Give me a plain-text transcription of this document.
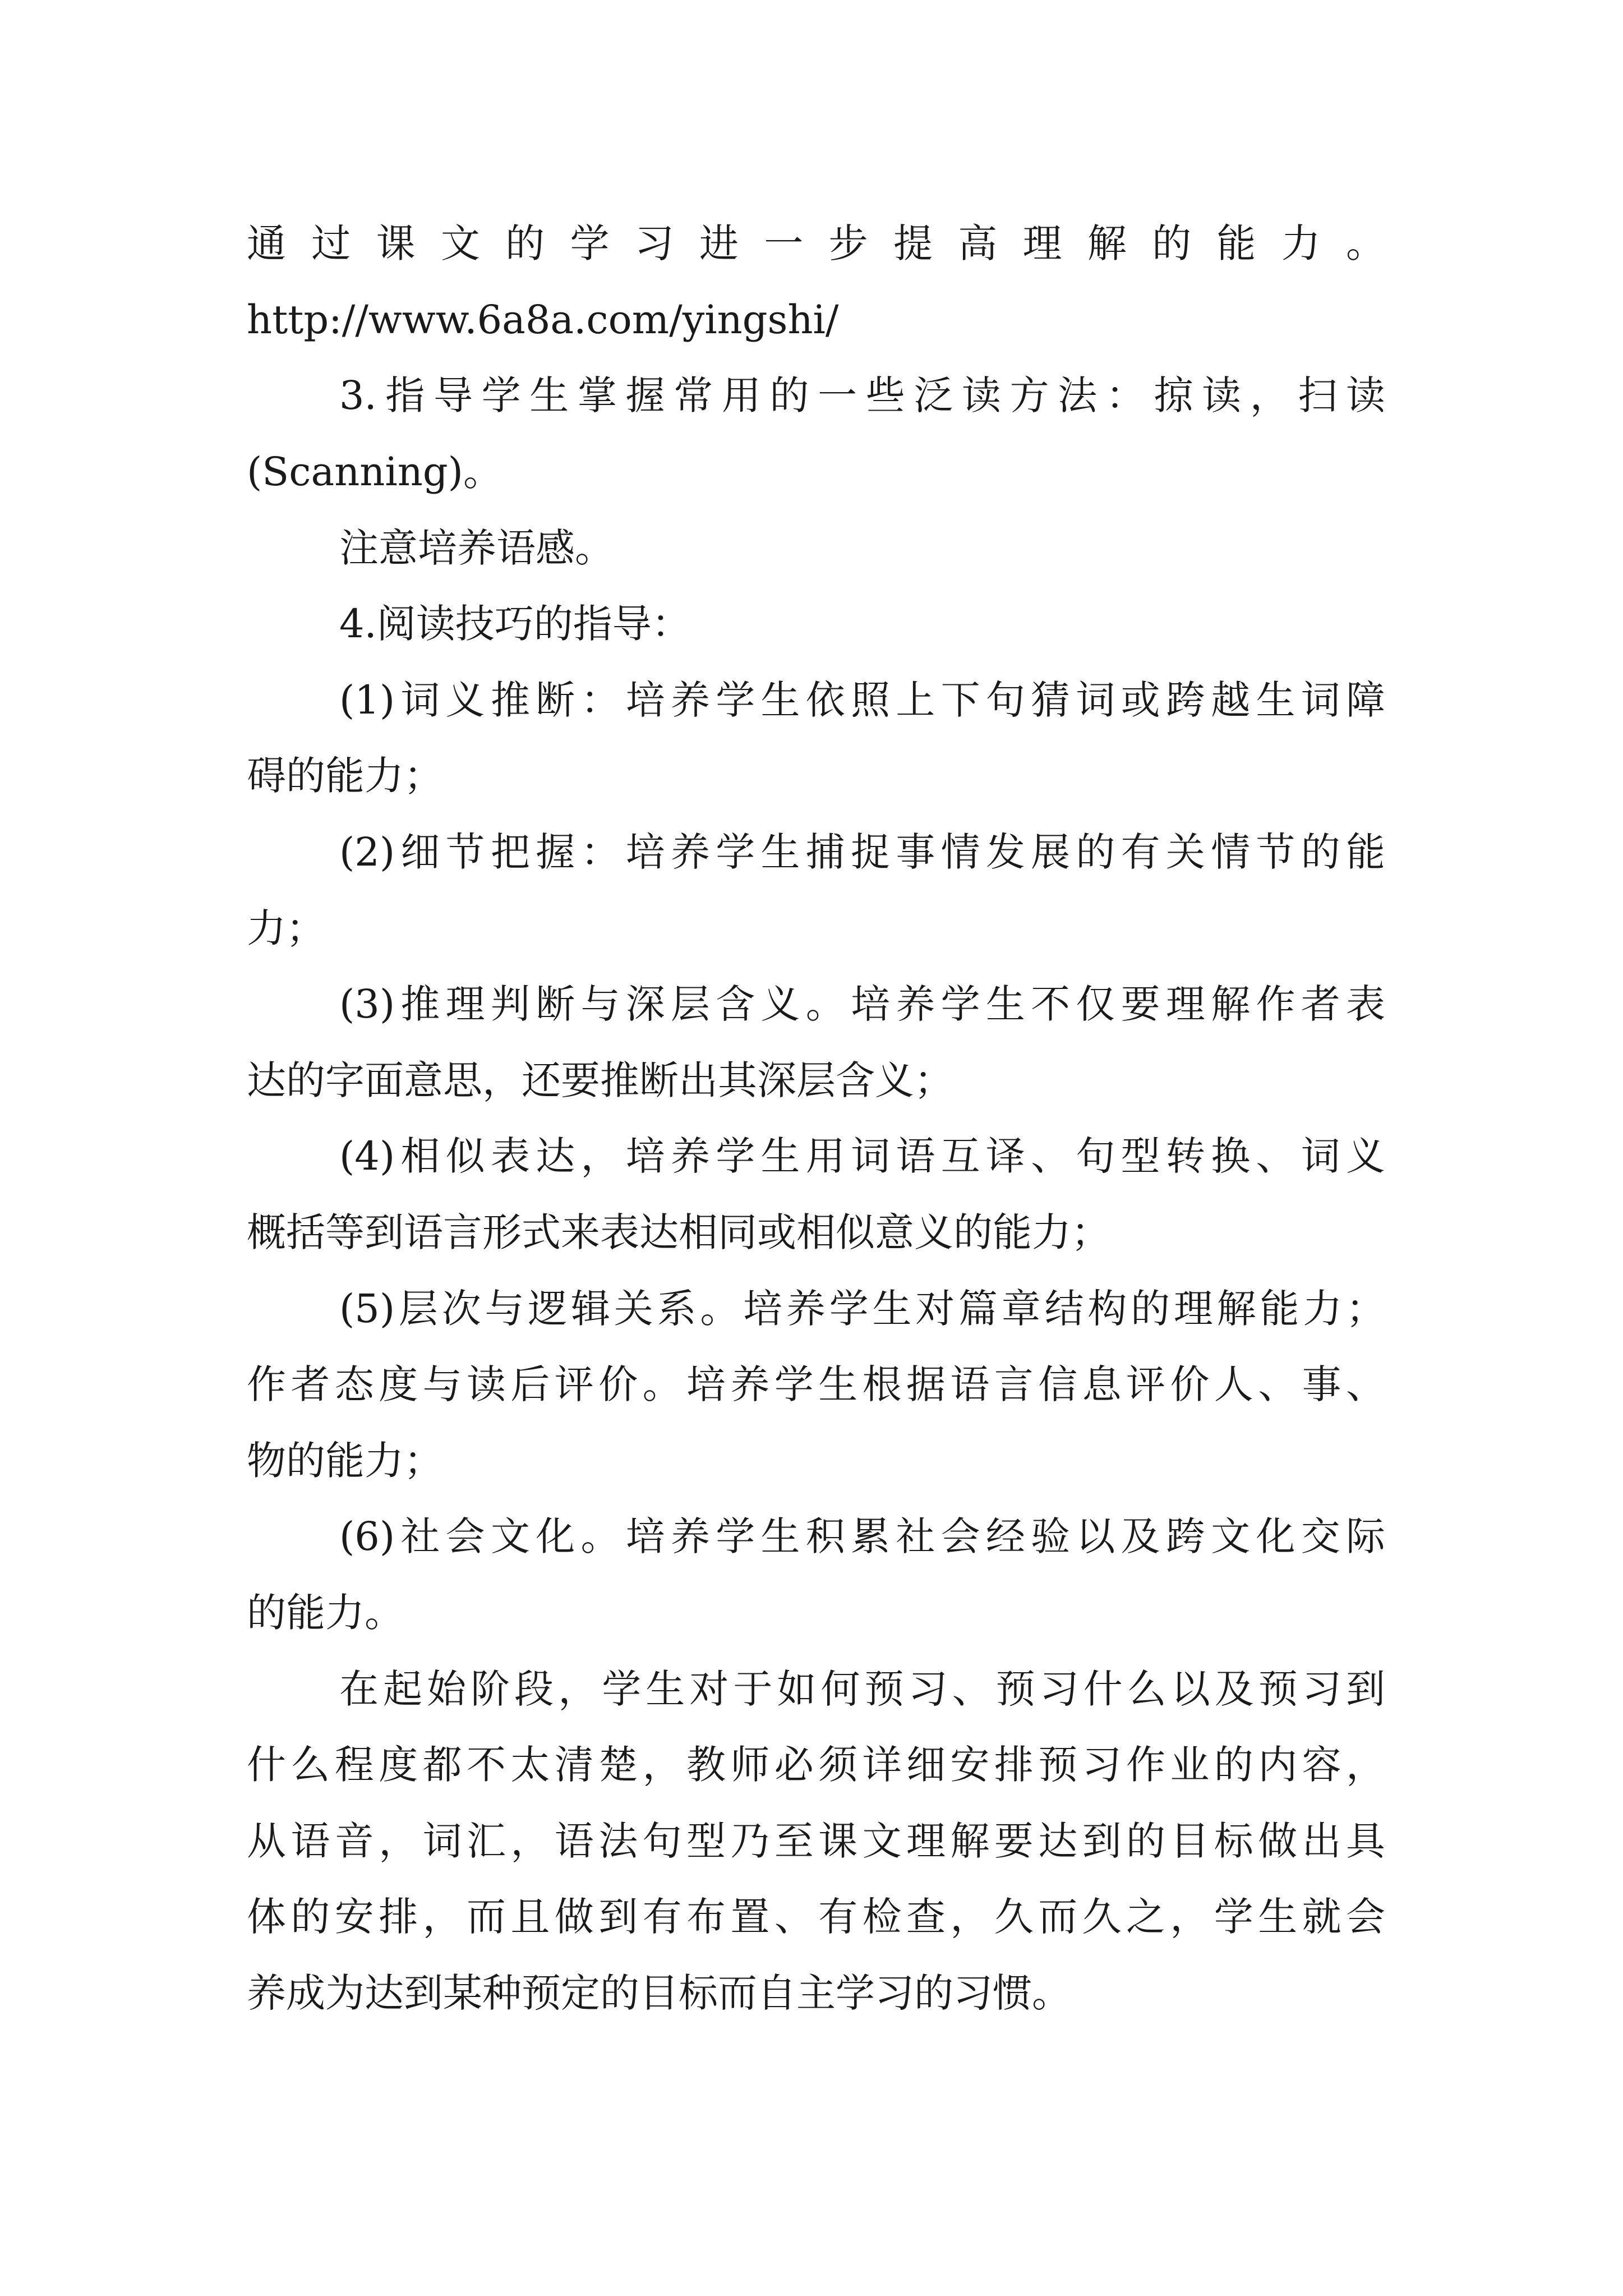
通过课文的学习进一步提高理解的能力。
http://www.6a8a.com/yingshi/
3.指导学生掌握常用的一些泛读方法：掠读，扫读
(Scanning)。
注意培养语感。
4.阅读技巧的指导：
(1)词义推断：培养学生依照上下句猜词或跨越生词障
碍的能力；
(2)细节把握：培养学生捕捉事情发展的有关情节的能
力；
(3)推理判断与深层含义。培养学生不仅要理解作者表
达的字面意思，还要推断出其深层含义；
(4)相似表达，培养学生用词语互译、句型转换、词义
概括等到语言形式来表达相同或相似意义的能力；
(5)层次与逻辑关系。培养学生对篇章结构的理解能力；
作者态度与读后评价。培养学生根据语言信息评价人、事、
物的能力；
(6)社会文化。培养学生积累社会经验以及跨文化交际
的能力。
在起始阶段，学生对于如何预习、预习什么以及预习到
什么程度都不太清楚，教师必须详细安排预习作业的内容，
从语音，词汇，语法句型乃至课文理解要达到的目标做出具
体的安排，而且做到有布置、有检查，久而久之，学生就会
养成为达到某种预定的目标而自主学习的习惯。
